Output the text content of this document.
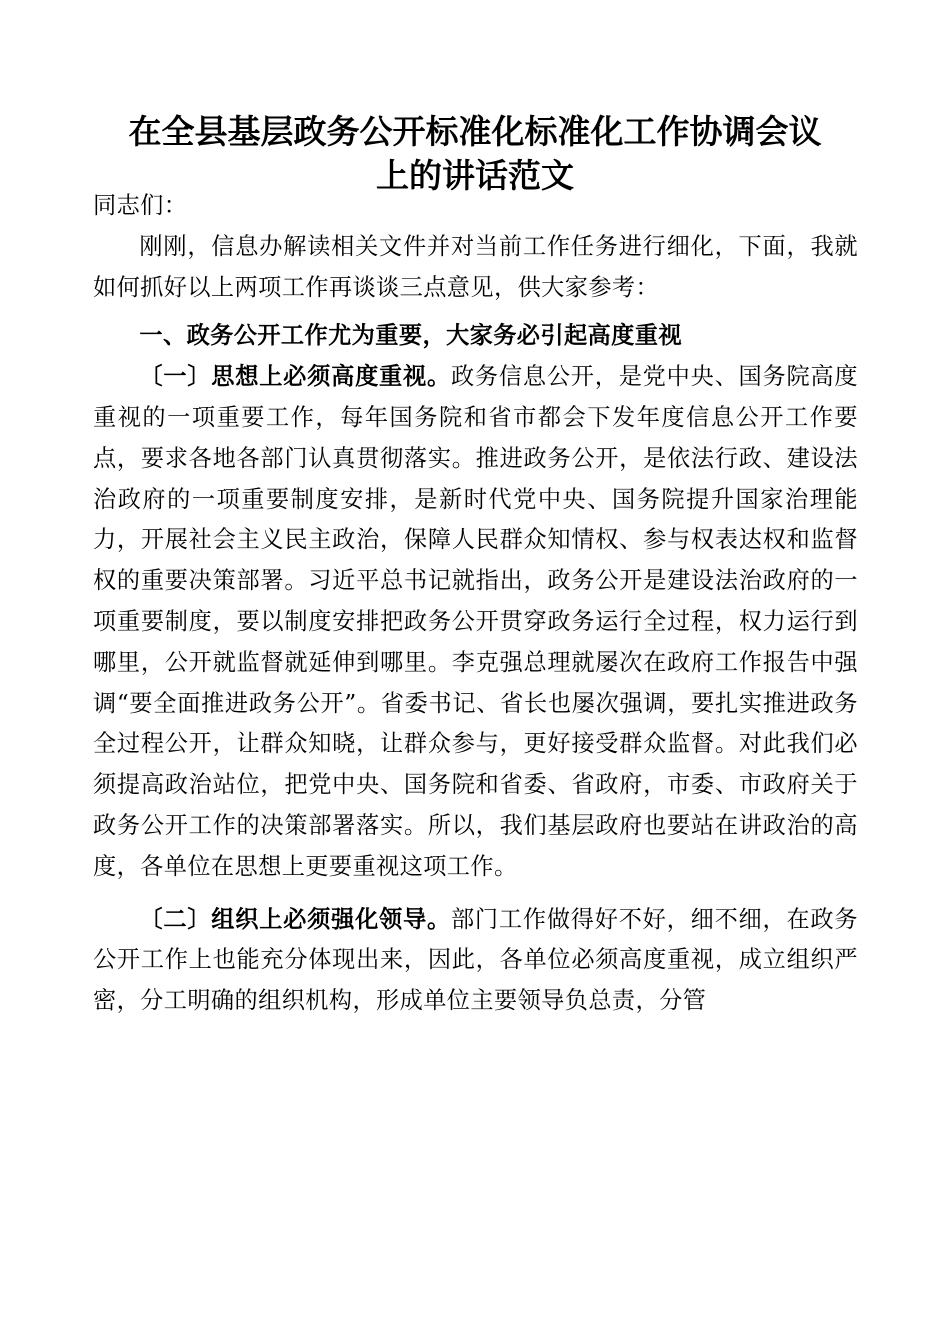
在全县基层政务公开标准化标准化工作协调会议
上的讲话范文

同志们：

刚刚，信息办解读相关文件并对当前工作任务进行细化，下面，我就如何抓好以上两项工作再谈谈三点意见，供大家参考：

一、政务公开工作尤为重要，大家务必引起高度重视

〔一〕思想上必须高度重视。政务信息公开，是党中央、国务院高度重视的一项重要工作，每年国务院和省市都会下发年度信息公开工作要点，要求各地各部门认真贯彻落实。推进政务公开，是依法行政、建设法治政府的一项重要制度安排，是新时代党中央、国务院提升国家治理能力，开展社会主义民主政治，保障人民群众知情权、参与权表达权和监督权的重要决策部署。习近平总书记就指出，政务公开是建设法治政府的一项重要制度，要以制度安排把政务公开贯穿政务运行全过程，权力运行到哪里，公开就监督就延伸到哪里。李克强总理就屡次在政府工作报告中强调“要全面推进政务公开”。省委书记、省长也屡次强调，要扎实推进政务全过程公开，让群众知晓，让群众参与，更好接受群众监督。对此我们必须提高政治站位，把党中央、国务院和省委、省政府，市委、市政府关于政务公开工作的决策部署落实。所以，我们基层政府也要站在讲政治的高度，各单位在思想上更要重视这项工作。

〔二〕组织上必须强化领导。部门工作做得好不好，细不细，在政务公开工作上也能充分体现出来，因此，各单位必须高度重视，成立组织严密，分工明确的组织机构，形成单位主要领导负总责，分管
